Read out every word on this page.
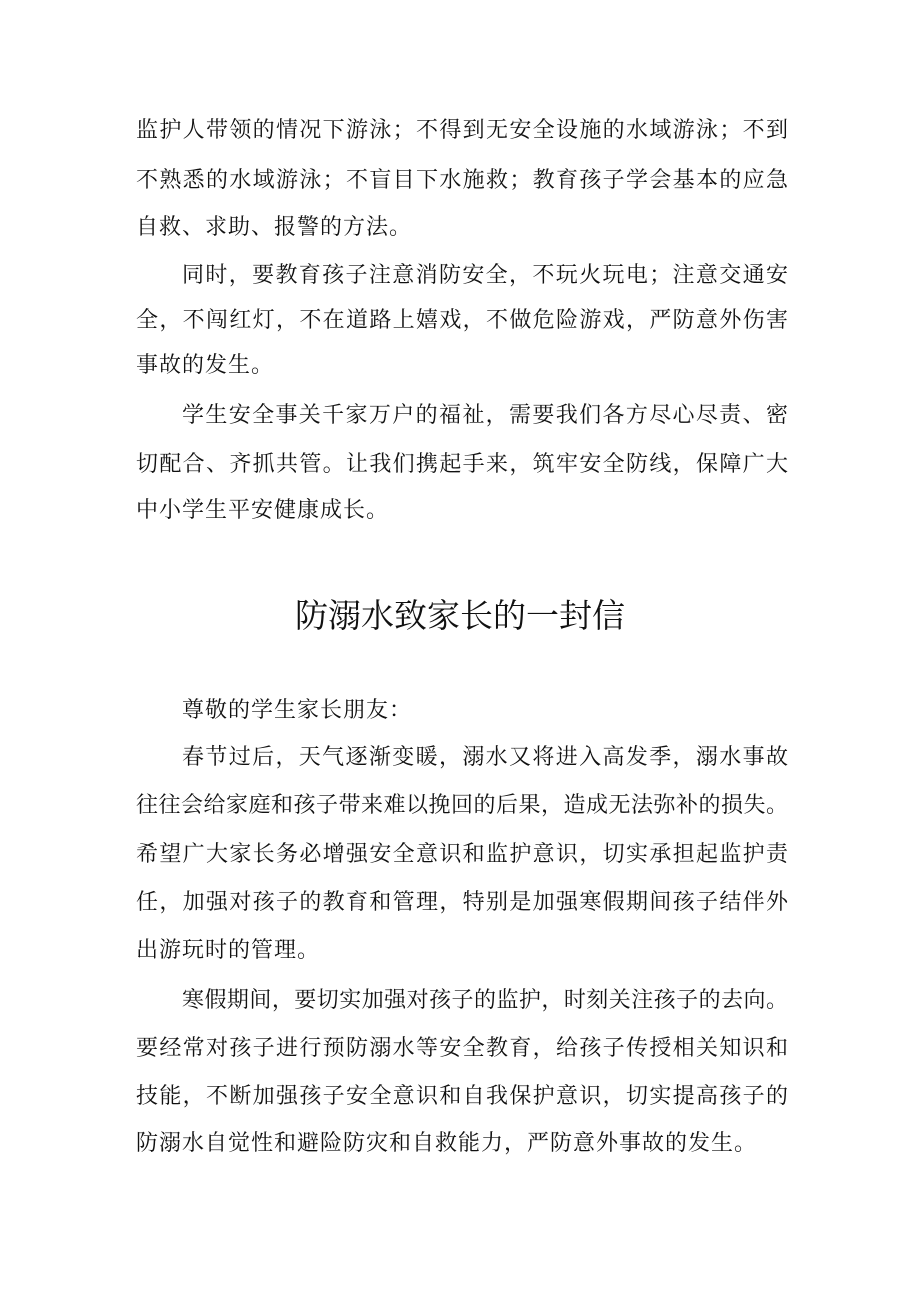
监护人带领的情况下游泳；不得到无安全设施的水域游泳；不到
不熟悉的水域游泳；不盲目下水施救；教育孩子学会基本的应急
自救、求助、报警的方法。
同时，要教育孩子注意消防安全，不玩火玩电；注意交通安
全，不闯红灯，不在道路上嬉戏，不做危险游戏，严防意外伤害
事故的发生。
学生安全事关千家万户的福祉，需要我们各方尽心尽责、密
切配合、齐抓共管。让我们携起手来，筑牢安全防线，保障广大
中小学生平安健康成长。
防溺水致家长的一封信
尊敬的学生家长朋友：
春节过后，天气逐渐变暖，溺水又将进入高发季，溺水事故
往往会给家庭和孩子带来难以挽回的后果，造成无法弥补的损失。
希望广大家长务必增强安全意识和监护意识，切实承担起监护责
任，加强对孩子的教育和管理，特别是加强寒假期间孩子结伴外
出游玩时的管理。
寒假期间，要切实加强对孩子的监护，时刻关注孩子的去向。
要经常对孩子进行预防溺水等安全教育，给孩子传授相关知识和
技能，不断加强孩子安全意识和自我保护意识，切实提高孩子的
防溺水自觉性和避险防灾和自救能力，严防意外事故的发生。
